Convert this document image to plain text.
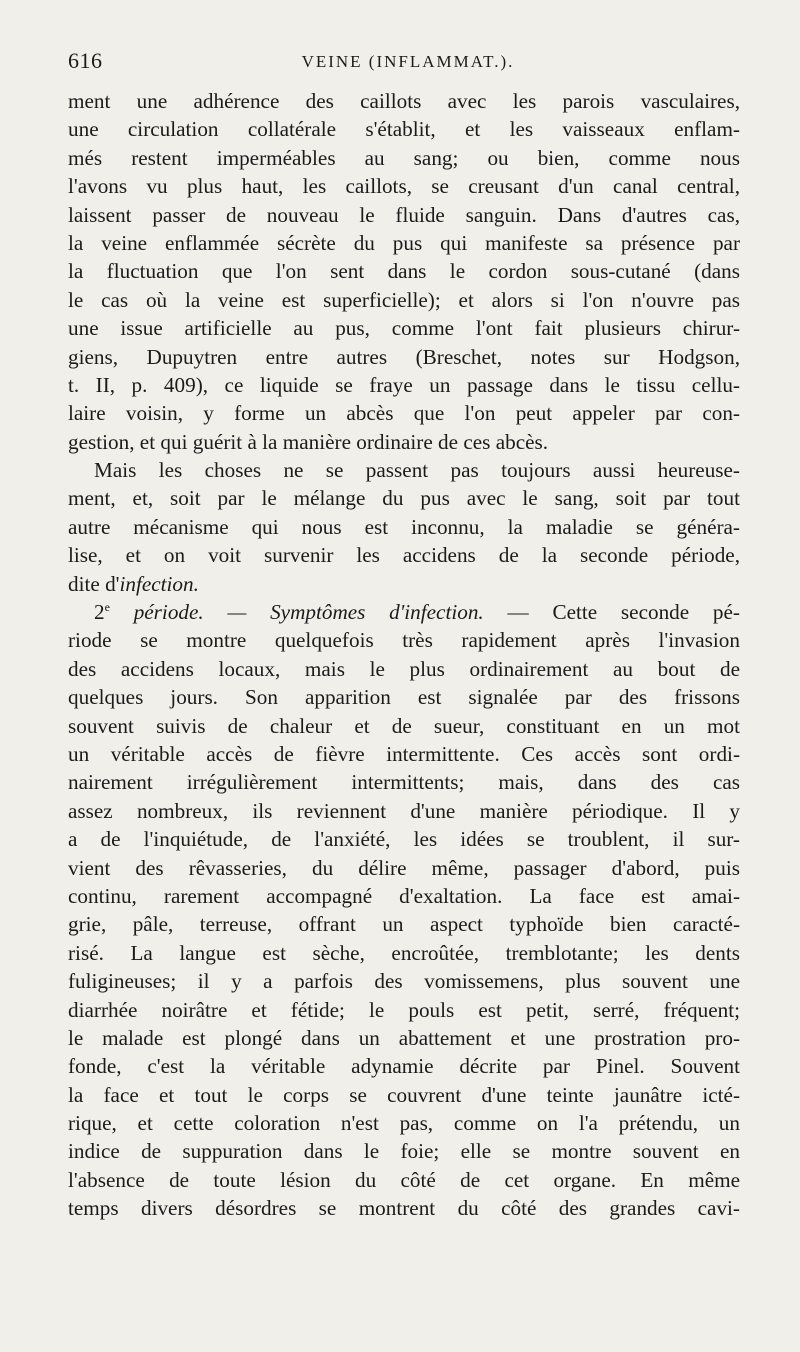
616	VEINE (INFLAMMAT.).
ment une adhérence des caillots avec les parois vasculaires,
une circulation collatérale s'établit, et les vaisseaux enflam-
més restent imperméables au sang; ou bien, comme nous
l'avons vu plus haut, les caillots, se creusant d'un canal central,
laissent passer de nouveau le fluide sanguin. Dans d'autres cas,
la veine enflammée sécrète du pus qui manifeste sa présence par
la fluctuation que l'on sent dans le cordon sous-cutané (dans
le cas où la veine est superficielle); et alors si l'on n'ouvre pas
une issue artificielle au pus, comme l'ont fait plusieurs chirur-
giens, Dupuytren entre autres (Breschet, notes sur Hodgson,
t. II, p. 409), ce liquide se fraye un passage dans le tissu cellu-
laire voisin, y forme un abcès que l'on peut appeler par con-
gestion, et qui guérit à la manière ordinaire de ces abcès.
Mais les choses ne se passent pas toujours aussi heureuse-
ment, et, soit par le mélange du pus avec le sang, soit par tout
autre mécanisme qui nous est inconnu, la maladie se généra-
lise, et on voit survenir les accidens de la seconde période,
dite d'infection.
2e période. — Symptômes d'infection. — Cette seconde pé-
riode se montre quelquefois très rapidement après l'invasion
des accidens locaux, mais le plus ordinairement au bout de
quelques jours. Son apparition est signalée par des frissons
souvent suivis de chaleur et de sueur, constituant en un mot
un véritable accès de fièvre intermittente. Ces accès sont ordi-
nairement irrégulièrement intermittents; mais, dans des cas
assez nombreux, ils reviennent d'une manière périodique. Il y
a de l'inquiétude, de l'anxiété, les idées se troublent, il sur-
vient des rêvasseries, du délire même, passager d'abord, puis
continu, rarement accompagné d'exaltation. La face est amai-
grie, pâle, terreuse, offrant un aspect typhoïde bien caracté-
risé. La langue est sèche, encroûtée, tremblotante; les dents
fuligineuses; il y a parfois des vomissemens, plus souvent une
diarrhée noirâtre et fétide; le pouls est petit, serré, fréquent;
le malade est plongé dans un abattement et une prostration pro-
fonde, c'est la véritable adynamie décrite par Pinel. Souvent
la face et tout le corps se couvrent d'une teinte jaunâtre icté-
rique, et cette coloration n'est pas, comme on l'a prétendu, un
indice de suppuration dans le foie; elle se montre souvent en
l'absence de toute lésion du côté de cet organe. En même
temps divers désordres se montrent du côté des grandes cavi-
